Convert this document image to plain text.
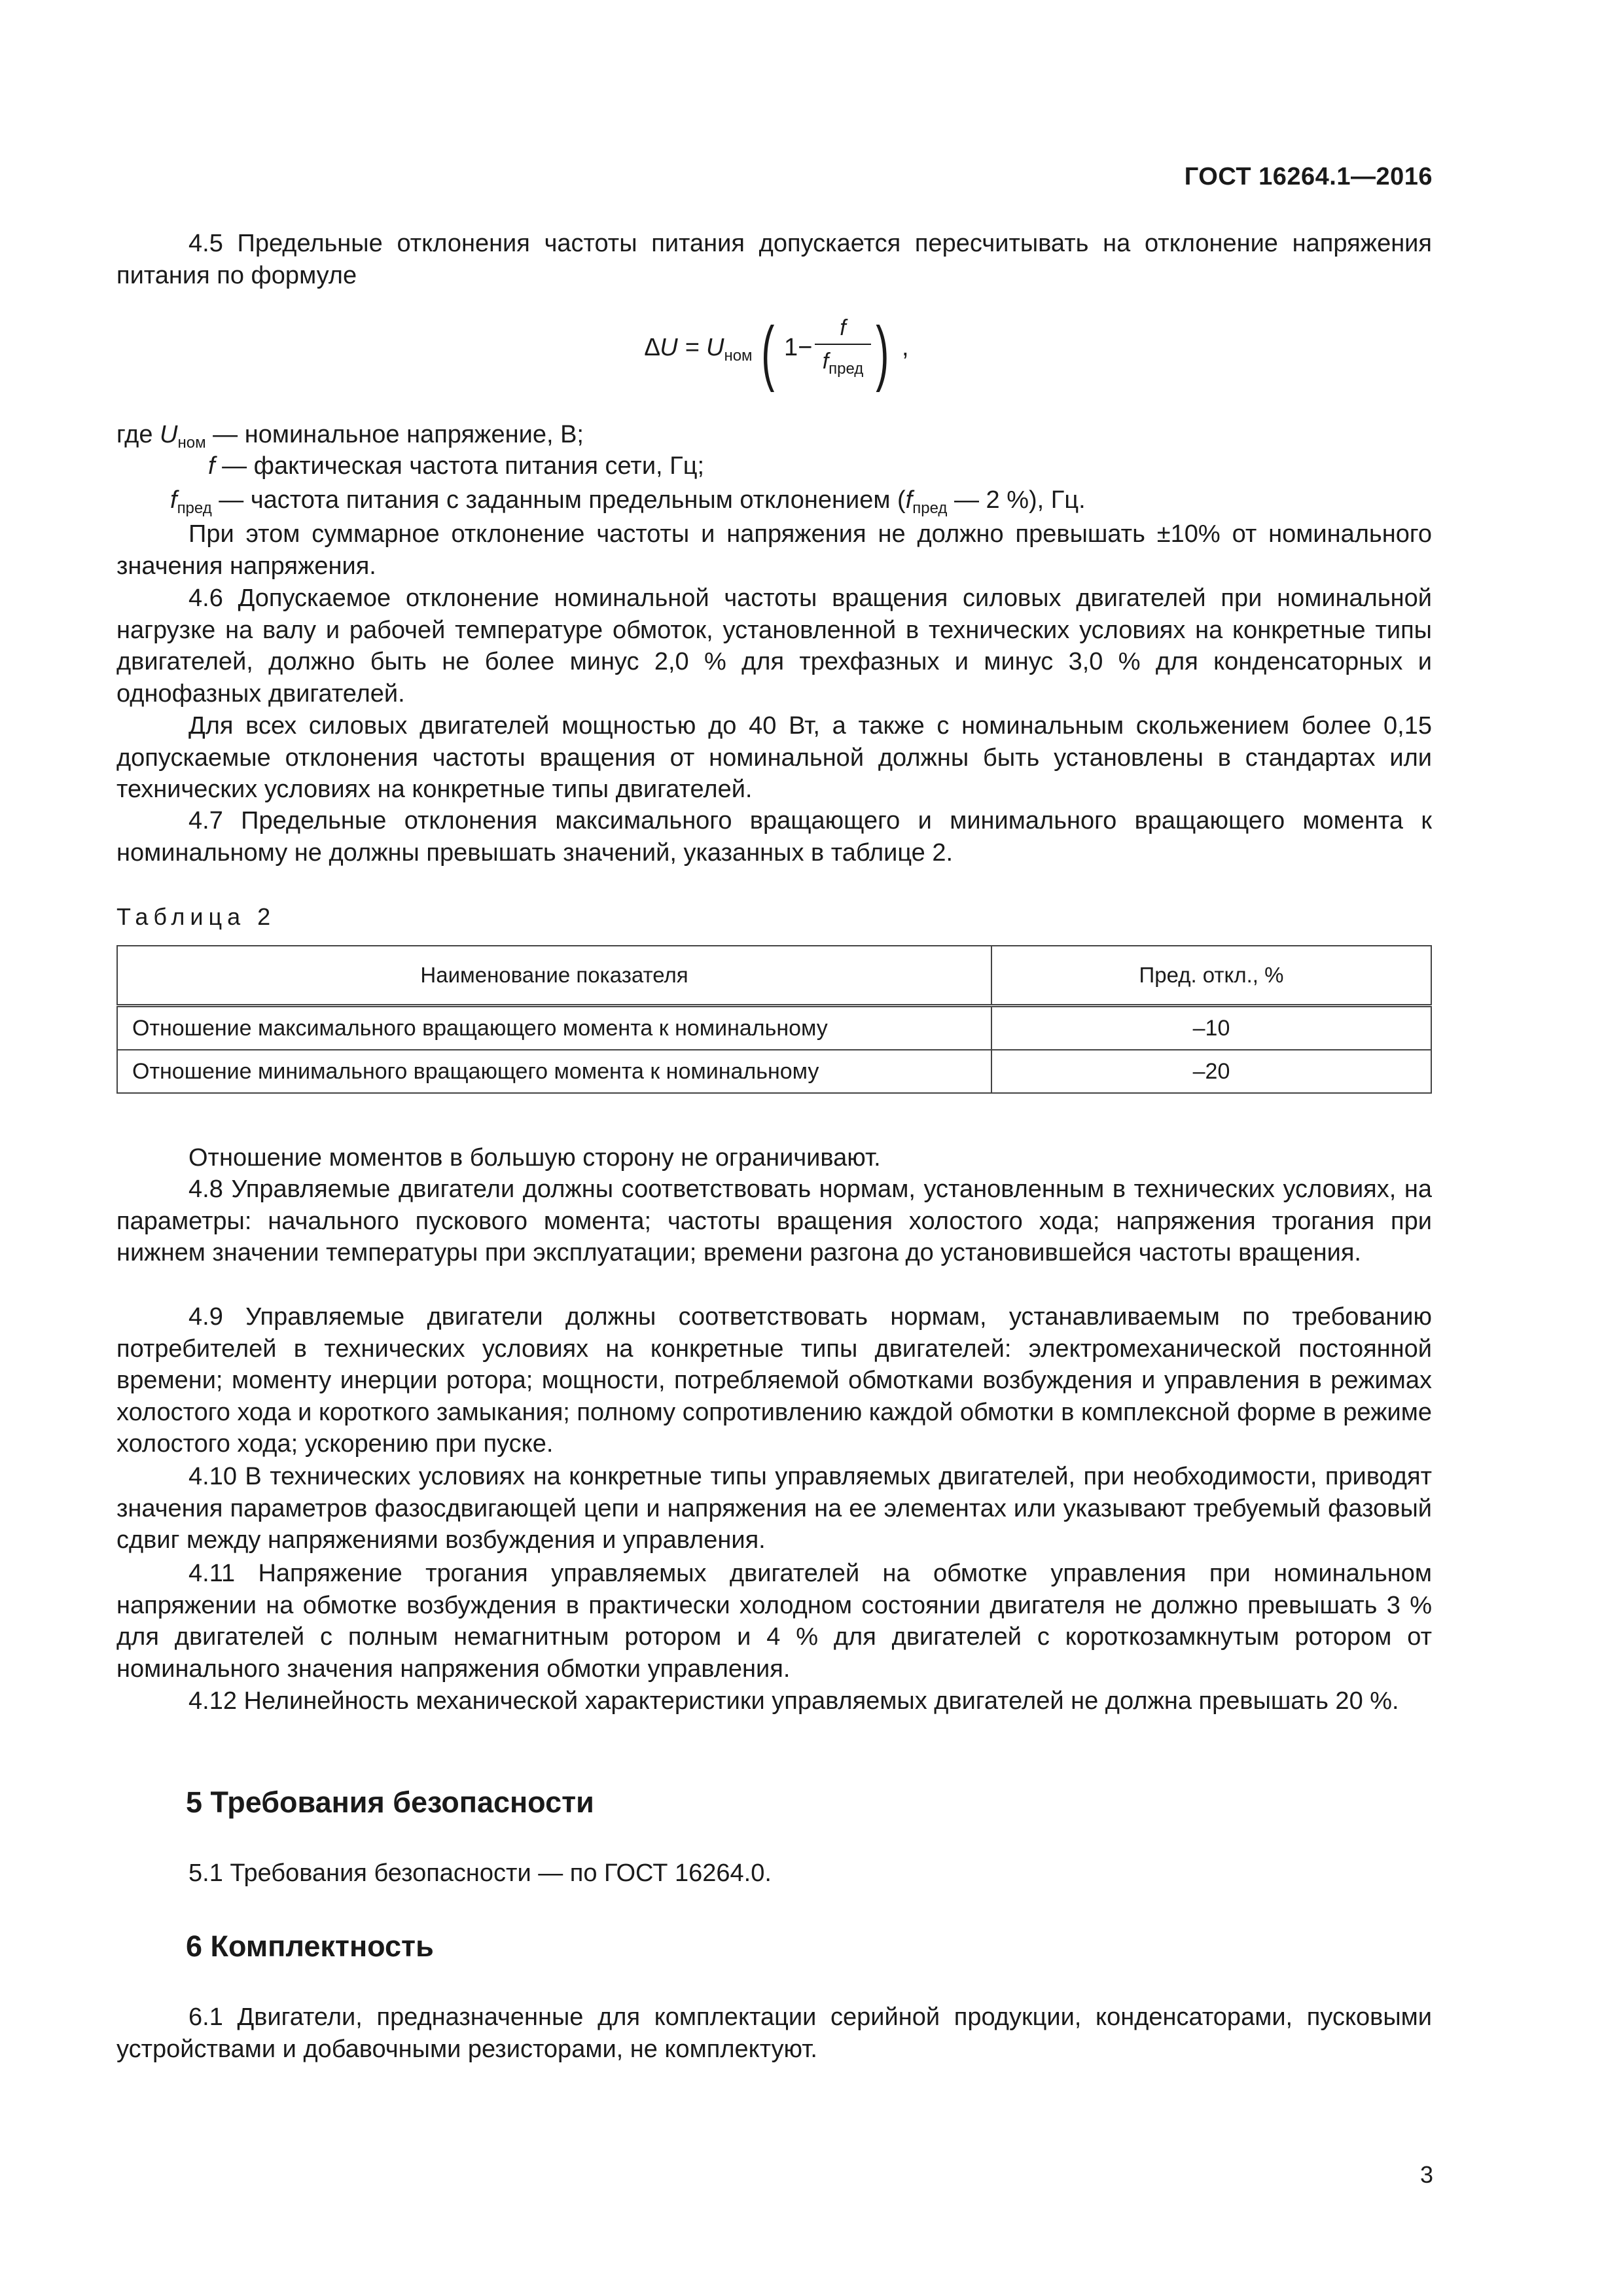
ГОСТ 16264.1—2016
4.5 Предельные отклонения частоты питания допускается пересчитывать на отклонение напряжения питания по формуле
$\Delta U = U_{ном}$ ( 1−
f
$f_{пред}$ ) ,
где $U_{ном}$ — номинальное напряжение, В;
f — фактическая частота питания сети, Гц;
$f_{пред}$ — частота питания с заданным предельным отклонением ($f_{пред}$ — 2 %), Гц.
При этом суммарное отклонение частоты и напряжения не должно превышать ±10% от номинального значения напряжения.
4.6 Допускаемое отклонение номинальной частоты вращения силовых двигателей при номинальной нагрузке на валу и рабочей температуре обмоток, установленной в технических условиях на конкретные типы двигателей, должно быть не более минус 2,0 % для трехфазных и минус 3,0 % для конденсаторных и однофазных двигателей.
Для всех силовых двигателей мощностью до 40 Вт, а также с номинальным скольжением более 0,15 допускаемые отклонения частоты вращения от номинальной должны быть установлены в стандартах или технических условиях на конкретные типы двигателей.
4.7 Предельные отклонения максимального вращающего и минимального вращающего момента к номинальному не должны превышать значений, указанных в таблице 2.
Таблица 2
Наименование показателя	Пред. откл., %
Отношение максимального вращающего момента к номинальному	–10
Отношение минимального вращающего момента к номинальному	–20
Отношение моментов в большую сторону не ограничивают.
4.8 Управляемые двигатели должны соответствовать нормам, установленным в технических условиях, на параметры: начального пускового момента; частоты вращения холостого хода; напряжения трогания при нижнем значении температуры при эксплуатации; времени разгона до установившейся частоты вращения.
4.9 Управляемые двигатели должны соответствовать нормам, устанавливаемым по требованию потребителей в технических условиях на конкретные типы двигателей: электромеханической постоянной времени; моменту инерции ротора; мощности, потребляемой обмотками возбуждения и управления в режимах холостого хода и короткого замыкания; полному сопротивлению каждой обмотки в комплексной форме в режиме холостого хода; ускорению при пуске.
4.10 В технических условиях на конкретные типы управляемых двигателей, при необходимости, приводят значения параметров фазосдвигающей цепи и напряжения на ее элементах или указывают требуемый фазовый сдвиг между напряжениями возбуждения и управления.
4.11 Напряжение трогания управляемых двигателей на обмотке управления при номинальном напряжении на обмотке возбуждения в практически холодном состоянии двигателя не должно превышать 3 % для двигателей с полным немагнитным ротором и 4 % для двигателей с короткозамкнутым ротором от номинального значения напряжения обмотки управления.
4.12 Нелинейность механической характеристики управляемых двигателей не должна превышать 20 %.
5 Требования безопасности
5.1 Требования безопасности — по ГОСТ 16264.0.
6 Комплектность
6.1 Двигатели, предназначенные для комплектации серийной продукции, конденсаторами, пусковыми устройствами и добавочными резисторами, не комплектуют.
3
